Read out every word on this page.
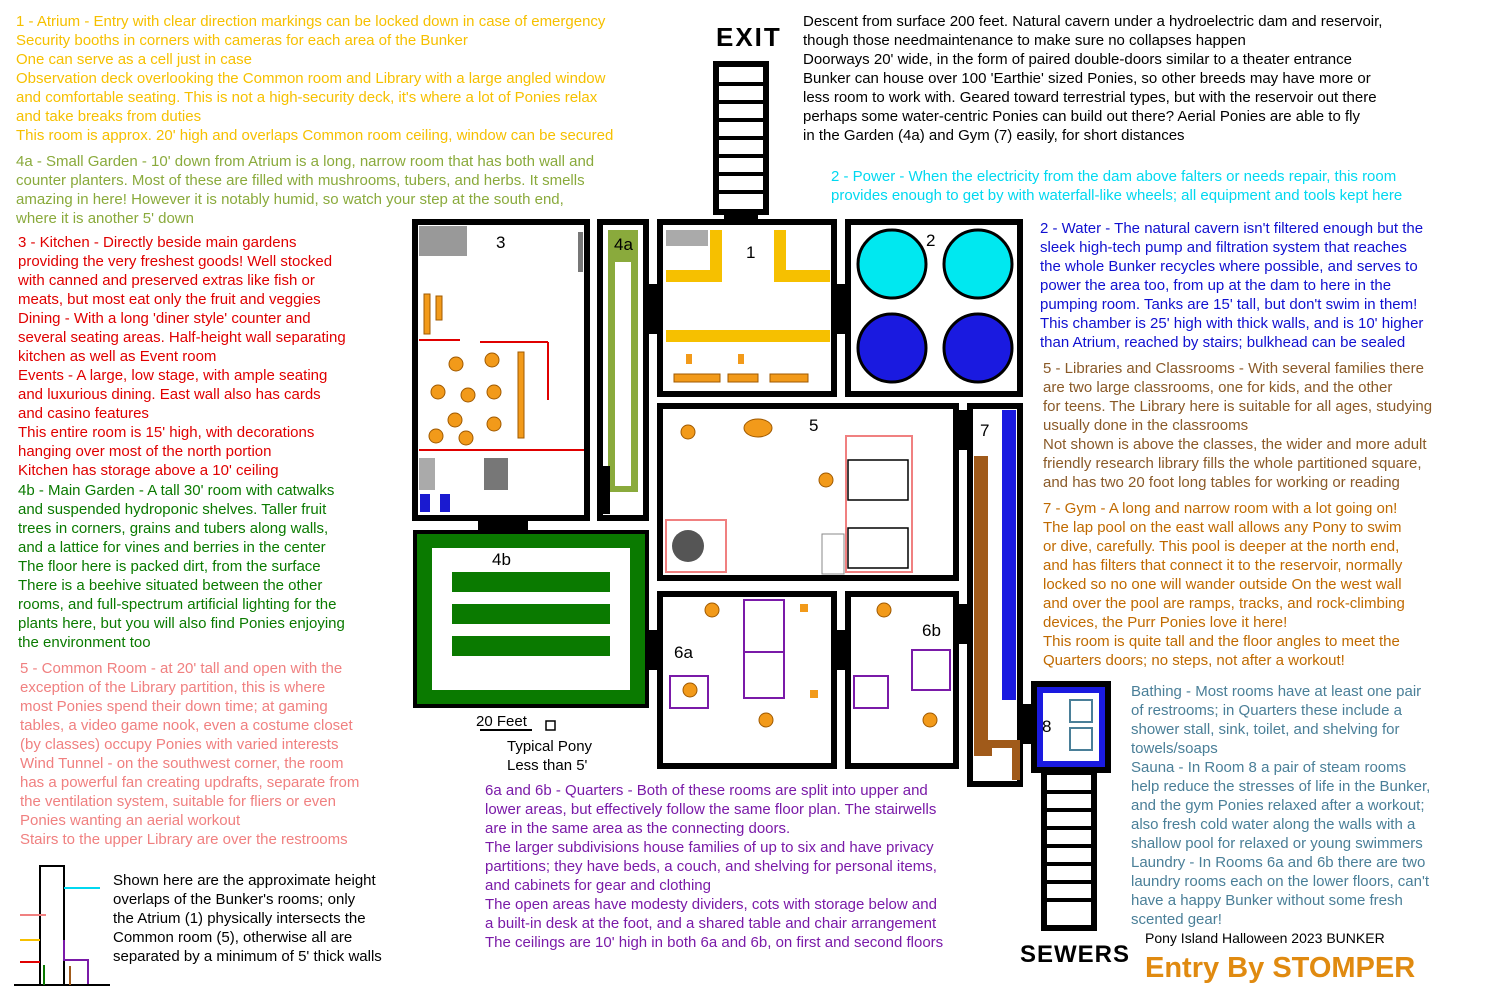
EXIT
3	4a	1
2
5	7
4b
6a
6b
8
SEWERS
20 Feet
Typical Pony
Less than 5'
1 - Atrium - Entry with clear direction markings can be locked down in case of emergency
Security booths in corners with cameras for each area of the Bunker
One can serve as a cell just in case
Observation deck overlooking the Common room and Library with a large angled window
and comfortable seating. This is not a high-security deck, it's where a lot of Ponies relax
and take breaks from duties
This room is approx. 20' high and overlaps Common room ceiling, window can be secured
4a - Small Garden - 10' down from Atrium is a long, narrow room that has both wall and
counter planters. Most of these are filled with mushrooms, tubers, and herbs. It smells
amazing in here! However it is notably humid, so watch your step at the south end,
where it is another 5' down
3 - Kitchen - Directly beside main gardens
providing the very freshest goods! Well stocked
with canned and preserved extras like fish or
meats, but most eat only the fruit and veggies
Dining - With a long 'diner style' counter and
several seating areas. Half-height wall separating
kitchen as well as Event room
Events - A large, low stage, with ample seating
and luxurious dining. East wall also has cards
and casino features
This entire room is 15' high, with decorations
hanging over most of the north portion
Kitchen has storage above a 10' ceiling
4b - Main Garden - A tall 30' room with catwalks
and suspended hydroponic shelves. Taller fruit
trees in corners, grains and tubers along walls,
and a lattice for vines and berries in the center
The floor here is packed dirt, from the surface
There is a beehive situated between the other
rooms, and full-spectrum artificial lighting for the
plants here, but you will also find Ponies enjoying
the environment too
5 - Common Room - at 20' tall and open with the
exception of the Library partition, this is where
most Ponies spend their down time; at gaming
tables, a video game nook, even a costume closet
(by classes) occupy Ponies with varied interests
Wind Tunnel - on the southwest corner, the room
has a powerful fan creating updrafts, separate from
the ventilation system, suitable for fliers or even
Ponies wanting an aerial workout
Stairs to the upper Library are over the restrooms
Shown here are the approximate height
overlaps of the Bunker's rooms; only
the Atrium (1) physically intersects the
Common room (5), otherwise all are
separated by a minimum of 5' thick walls
Descent from surface 200 feet. Natural cavern under a hydroelectric dam and reservoir,
though those needmaintenance to make sure no collapses happen
Doorways 20' wide, in the form of paired double-doors similar to a theater entrance
Bunker can house over 100 'Earthie' sized Ponies, so other breeds may have more or
less room to work with. Geared toward terrestrial types, but with the reservoir out there
perhaps some water-centric Ponies can build out there? Aerial Ponies are able to fly
in the Garden (4a) and Gym (7) easily, for short distances
2 - Power - When the electricity from the dam above falters or needs repair, this room
provides enough to get by with waterfall-like wheels; all equipment and tools kept here
2 - Water - The natural cavern isn't filtered enough but the
sleek high-tech pump and filtration system that reaches
the whole Bunker recycles where possible, and serves to
power the area too, from up at the dam to here in the
pumping room. Tanks are 15' tall, but don't swim in them!
This chamber is 25' high with thick walls, and is 10' higher
than Atrium, reached by stairs; bulkhead can be sealed
5 - Libraries and Classrooms - With several families there
are two large classrooms, one for kids, and the other
for teens. The Library here is suitable for all ages, studying
usually done in the classrooms
Not shown is above the classes, the wider and more adult
friendly research library fills the whole partitioned square,
and has two 20 foot long tables for working or reading
7 - Gym - A long and narrow room with a lot going on!
The lap pool on the east wall allows any Pony to swim
or dive, carefully. This pool is deeper at the north end,
and has filters that connect it to the reservoir, normally
locked so no one will wander outside On the west wall
and over the pool are ramps, tracks, and rock-climbing
devices, the Purr Ponies love it here!
This room is quite tall and the floor angles to meet the
Quarters doors; no steps, not after a workout!
Bathing - Most rooms have at least one pair
of restrooms; in Quarters these include a
shower stall, sink, toilet, and shelving for
towels/soaps
Sauna - In Room 8 a pair of steam rooms
help reduce the stresses of life in the Bunker,
and the gym Ponies relaxed after a workout;
also fresh cold water along the walls with a
shallow pool for relaxed or young swimmers
Laundry - In Rooms 6a and 6b there are two
laundry rooms each on the lower floors, can't
have a happy Bunker without some fresh
scented gear!
6a and 6b - Quarters - Both of these rooms are split into upper and
lower areas, but effectively follow the same floor plan. The stairwells
are in the same area as the connecting doors.
The larger subdivisions house families of up to six and have privacy
partitions; they have beds, a couch, and shelving for personal items,
and cabinets for gear and clothing
The open areas have modesty dividers, cots with storage below and
a built-in desk at the foot, and a shared table and chair arrangement
The ceilings are 10' high in both 6a and 6b, on first and second floors	Pony Island Halloween 2023 BUNKER
Entry By STOMPER
